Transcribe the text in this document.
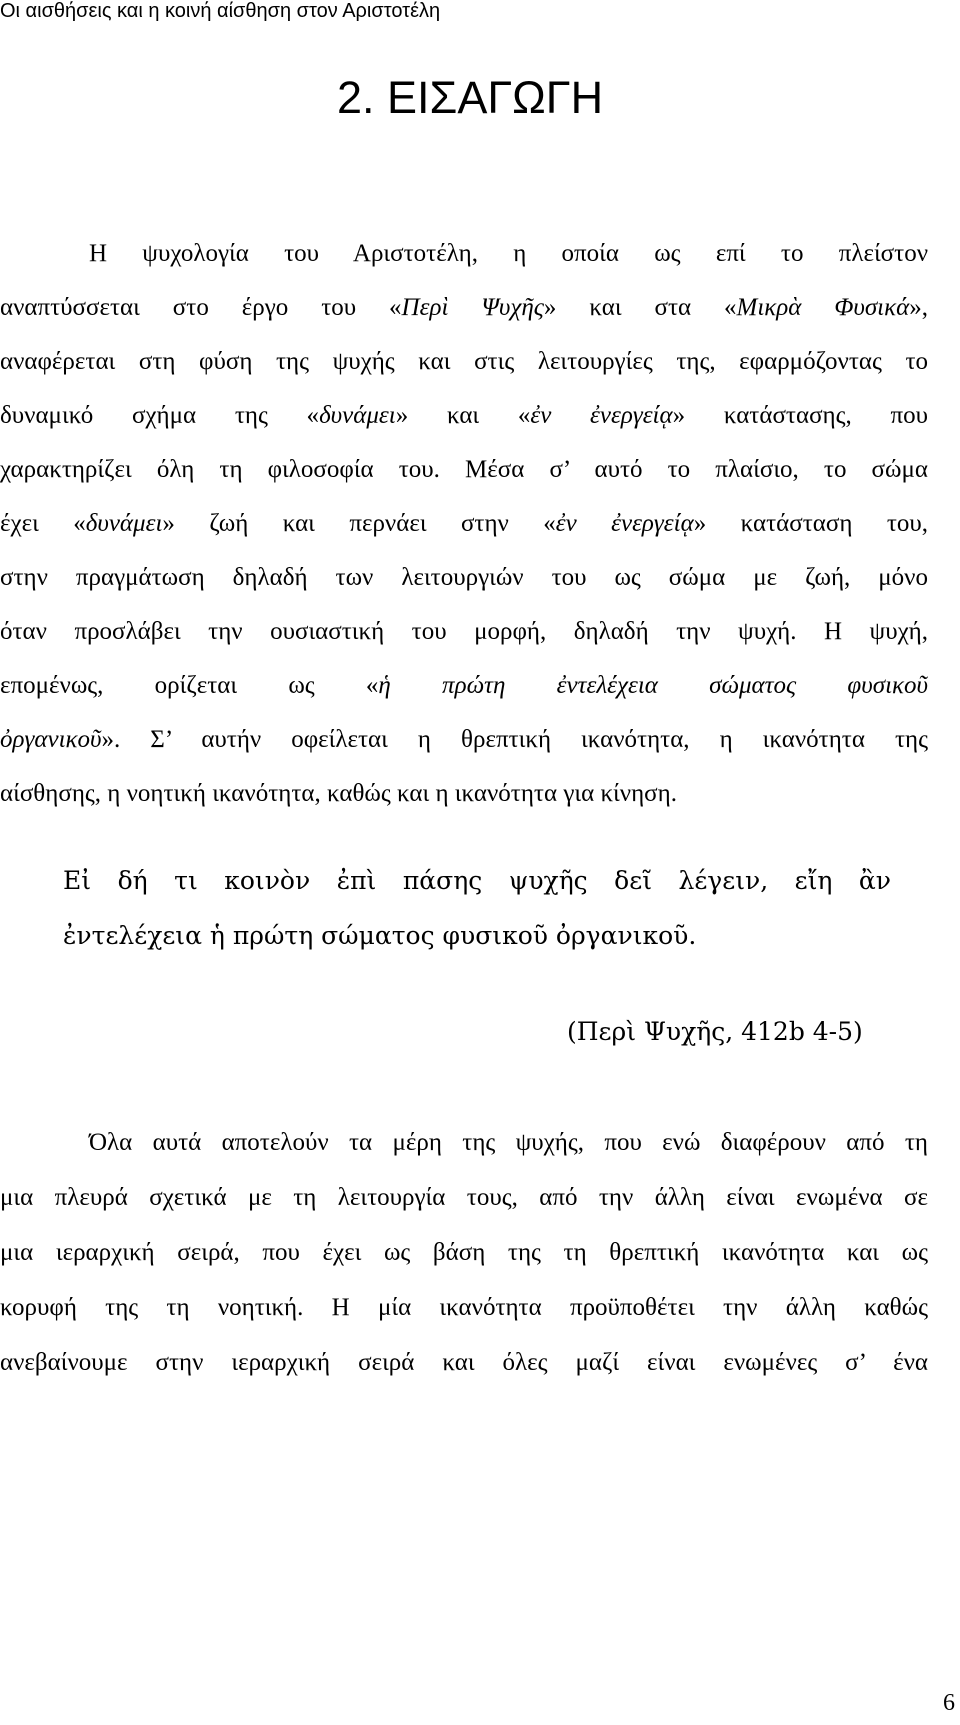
Οι αισθήσεις και η κοινή αίσθηση στον Αριστοτέλη
2. ΕΙΣΑΓΩΓΗ
Η ψυχολογία του Αριστοτέλη, η οποία ως επί το πλείστον
αναπτύσσεται στο έργο του «Περὶ Ψυχῆς» και στα «Μικρὰ Φυσικά»,
αναφέρεται στη φύση της ψυχής και στις λειτουργίες της, εφαρμόζοντας το
δυναμικό σχήμα της «δυνάμει» και «ἐν ἐνεργείᾳ» κατάστασης, που
χαρακτηρίζει όλη τη φιλοσοφία του. Μέσα σ’ αυτό το πλαίσιο, το σώμα
έχει «δυνάμει» ζωή και περνάει στην «ἐν ἐνεργείᾳ» κατάσταση του,
στην πραγμάτωση δηλαδή των λειτουργιών του ως σώμα με ζωή, μόνο
όταν προσλάβει την ουσιαστική του μορφή, δηλαδή την ψυχή. Η ψυχή,
επομένως, ορίζεται ως «ἡ πρώτη ἐντελέχεια σώματος φυσικοῦ
ὀργανικοῦ». Σ’ αυτήν οφείλεται η θρεπτική ικανότητα, η ικανότητα της
αίσθησης, η νοητική ικανότητα, καθώς και η ικανότητα για κίνηση.
Εἰ δή τι κοινὸν ἐπὶ πάσης ψυχῆς δεῖ λέγειν, εἴη ἂν
ἐντελέχεια ἡ πρώτη σώματος φυσικοῦ ὀργανικοῦ.
(Περὶ Ψυχῆς, 412b 4-5)
Όλα αυτά αποτελούν τα μέρη της ψυχής, που ενώ διαφέρουν από τη
μια πλευρά σχετικά με τη λειτουργία τους, από την άλλη είναι ενωμένα σε
μια ιεραρχική σειρά, που έχει ως βάση της τη θρεπτική ικανότητα και ως
κορυφή της τη νοητική. Η μία ικανότητα προϋποθέτει την άλλη καθώς
ανεβαίνουμε στην ιεραρχική σειρά και όλες μαζί είναι ενωμένες σ’ ένα
6
